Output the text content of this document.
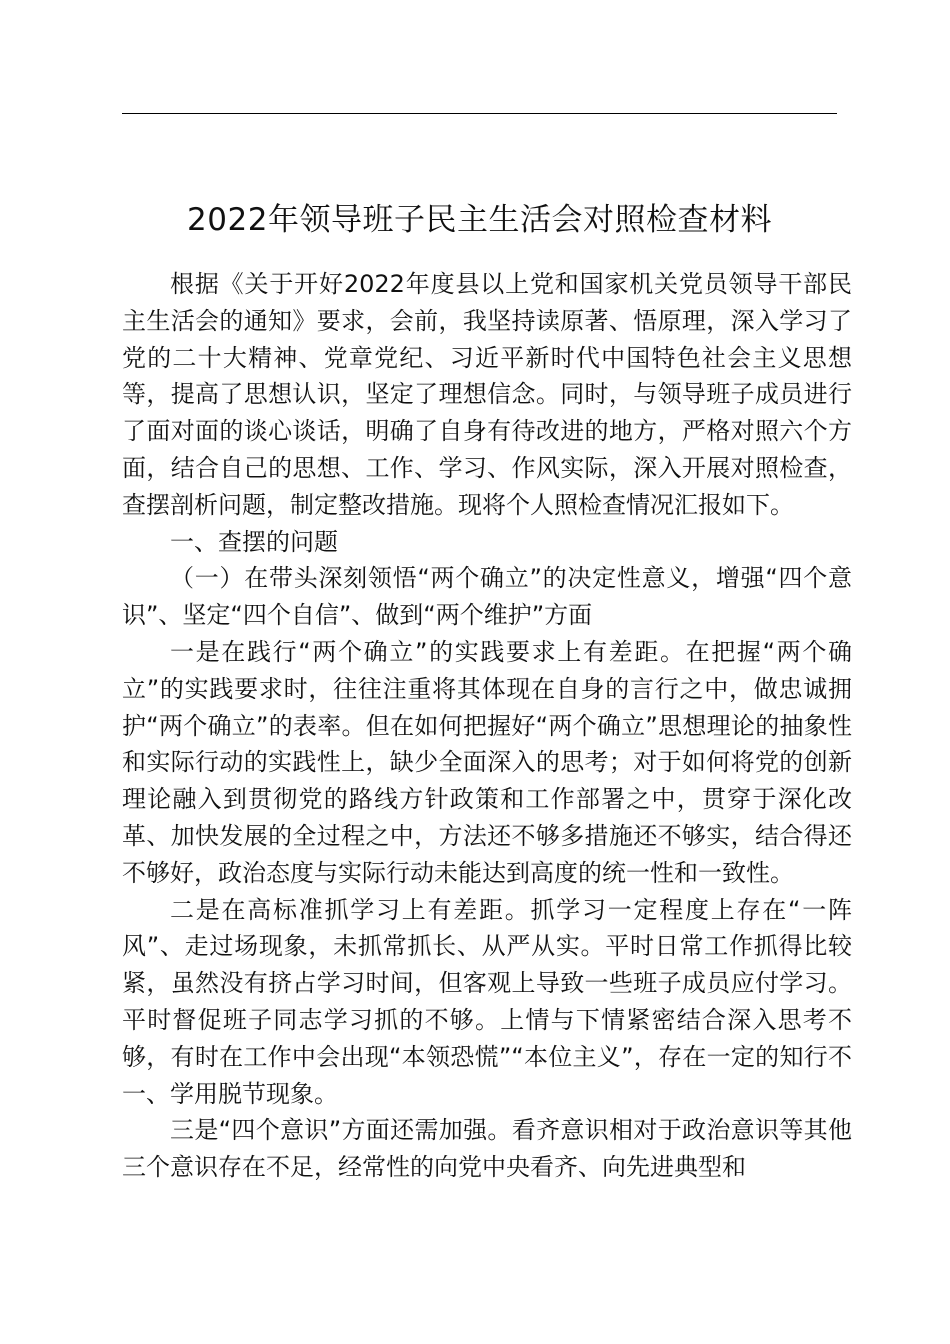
2022年领导班子民主生活会对照检查材料

根据《关于开好2022年度县以上党和国家机关党员领导干部民主生活会的通知》要求，会前，我坚持读原著、悟原理，深入学习了党的二十大精神、党章党纪、习近平新时代中国特色社会主义思想等，提高了思想认识，坚定了理想信念。同时，与领导班子成员进行了面对面的谈心谈话，明确了自身有待改进的地方，严格对照六个方面，结合自己的思想、工作、学习、作风实际，深入开展对照检查，查摆剖析问题，制定整改措施。现将个人照检查情况汇报如下。

一、查摆的问题

（一）在带头深刻领悟“两个确立”的决定性意义，增强“四个意识”、坚定“四个自信”、做到“两个维护”方面

一是在践行“两个确立”的实践要求上有差距。在把握“两个确立”的实践要求时，往往注重将其体现在自身的言行之中，做忠诚拥护“两个确立”的表率。但在如何把握好“两个确立”思想理论的抽象性和实际行动的实践性上，缺少全面深入的思考；对于如何将党的创新理论融入到贯彻党的路线方针政策和工作部署之中，贯穿于深化改革、加快发展的全过程之中，方法还不够多措施还不够实，结合得还不够好，政治态度与实际行动未能达到高度的统一性和一致性。

二是在高标准抓学习上有差距。抓学习一定程度上存在“一阵风”、走过场现象，未抓常抓长、从严从实。平时日常工作抓得比较紧，虽然没有挤占学习时间，但客观上导致一些班子成员应付学习。平时督促班子同志学习抓的不够。上情与下情紧密结合深入思考不够，有时在工作中会出现“本领恐慌”“本位主义”，存在一定的知行不一、学用脱节现象。

三是“四个意识”方面还需加强。看齐意识相对于政治意识等其他三个意识存在不足，经常性的向党中央看齐、向先进典型和
